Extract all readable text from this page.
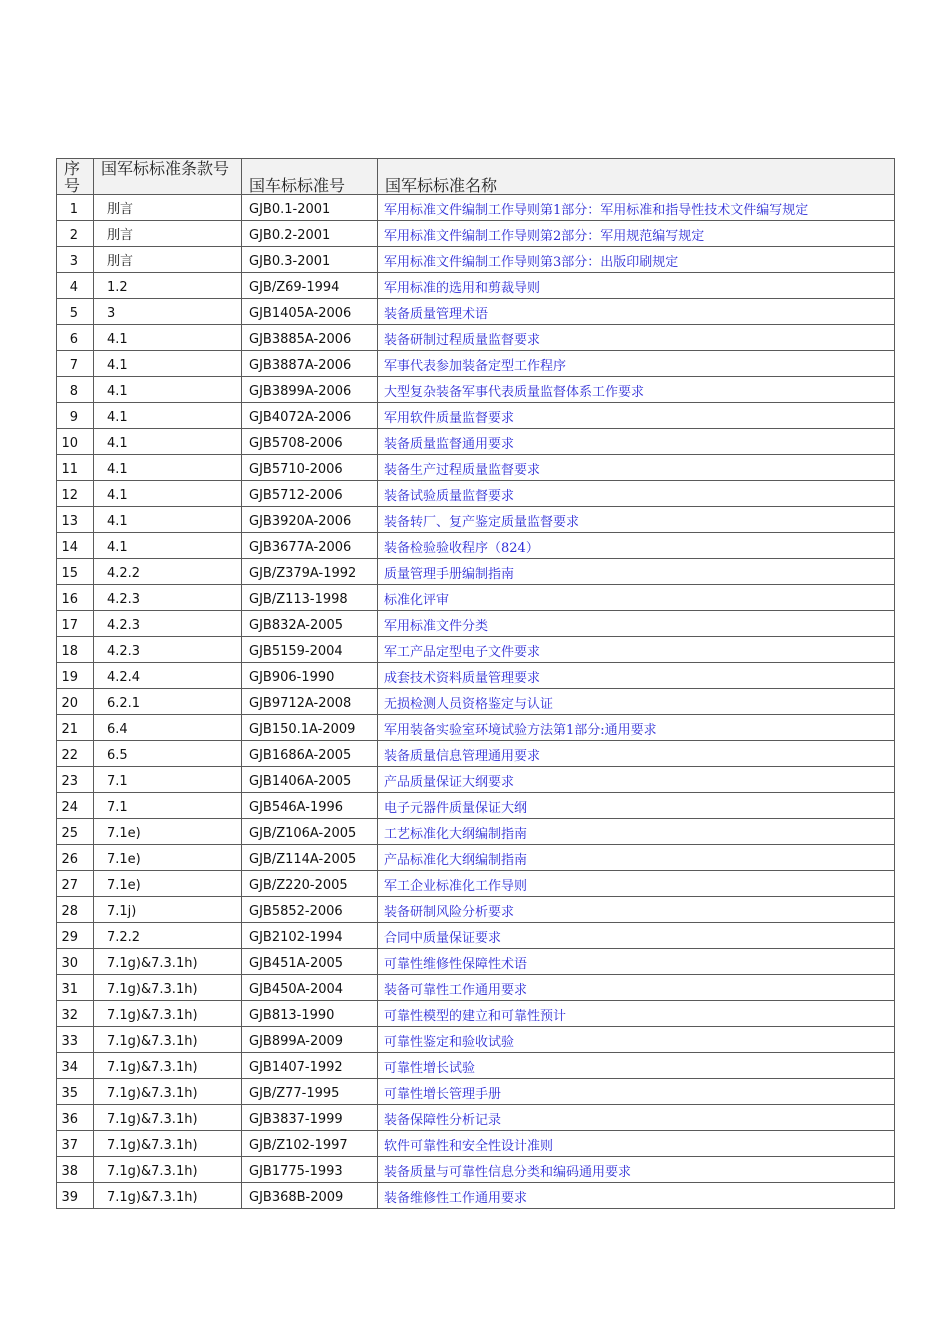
序号	国军标标准条款号	国车标标准号	国军标标准名称
1	刖言	GJB0.1-2001	军用标准文件编制工作导则第1部分：军用标准和指导性技术文件编写规定
2	刖言	GJB0.2-2001	军用标准文件编制工作导则第2部分：军用规范编写规定
3	刖言	GJB0.3-2001	军用标准文件编制工作导则第3部分：出版印刷规定
4	1.2	GJB/Z69-1994	军用标准的选用和剪裁导则
5	3	GJB1405A-2006	装备质量管理术语
6	4.1	GJB3885A-2006	装备研制过程质量监督要求
7	4.1	GJB3887A-2006	军事代表参加装备定型工作程序
8	4.1	GJB3899A-2006	大型复杂装备军事代表质量监督体系工作要求
9	4.1	GJB4072A-2006	军用软件质量监督要求
10	4.1	GJB5708-2006	装备质量监督通用要求
11	4.1	GJB5710-2006	装备生产过程质量监督要求
12	4.1	GJB5712-2006	装备试验质量监督要求
13	4.1	GJB3920A-2006	装备转厂、复产鉴定质量监督要求
14	4.1	GJB3677A-2006	装备检验验收程序（824）
15	4.2.2	GJB/Z379A-1992	质量管理手册编制指南
16	4.2.3	GJB/Z113-1998	标准化评审
17	4.2.3	GJB832A-2005	军用标准文件分类
18	4.2.3	GJB5159-2004	军工产品定型电子文件要求
19	4.2.4	GJB906-1990	成套技术资料质量管理要求
20	6.2.1	GJB9712A-2008	无损检测人员资格鉴定与认证
21	6.4	GJB150.1A-2009	军用装备实验室环境试验方法第1部分:通用要求
22	6.5	GJB1686A-2005	装备质量信息管理通用要求
23	7.1	GJB1406A-2005	产品质量保证大纲要求
24	7.1	GJB546A-1996	电子元器件质量保证大纲
25	7.1e)	GJB/Z106A-2005	工艺标准化大纲编制指南
26	7.1e)	GJB/Z114A-2005	产品标准化大纲编制指南
27	7.1e)	GJB/Z220-2005	军工企业标准化工作导则
28	7.1j)	GJB5852-2006	装备研制风险分析要求
29	7.2.2	GJB2102-1994	合同中质量保证要求
30	7.1g)&7.3.1h)	GJB451A-2005	可靠性维修性保障性术语
31	7.1g)&7.3.1h)	GJB450A-2004	装备可靠性工作通用要求
32	7.1g)&7.3.1h)	GJB813-1990	可靠性模型的建立和可靠性预计
33	7.1g)&7.3.1h)	GJB899A-2009	可靠性鉴定和验收试验
34	7.1g)&7.3.1h)	GJB1407-1992	可靠性增长试验
35	7.1g)&7.3.1h)	GJB/Z77-1995	可靠性增长管理手册
36	7.1g)&7.3.1h)	GJB3837-1999	装备保障性分析记录
37	7.1g)&7.3.1h)	GJB/Z102-1997	软件可靠性和安全性设计准则
38	7.1g)&7.3.1h)	GJB1775-1993	装备质量与可靠性信息分类和编码通用要求
39	7.1g)&7.3.1h)	GJB368B-2009	装备维修性工作通用要求
